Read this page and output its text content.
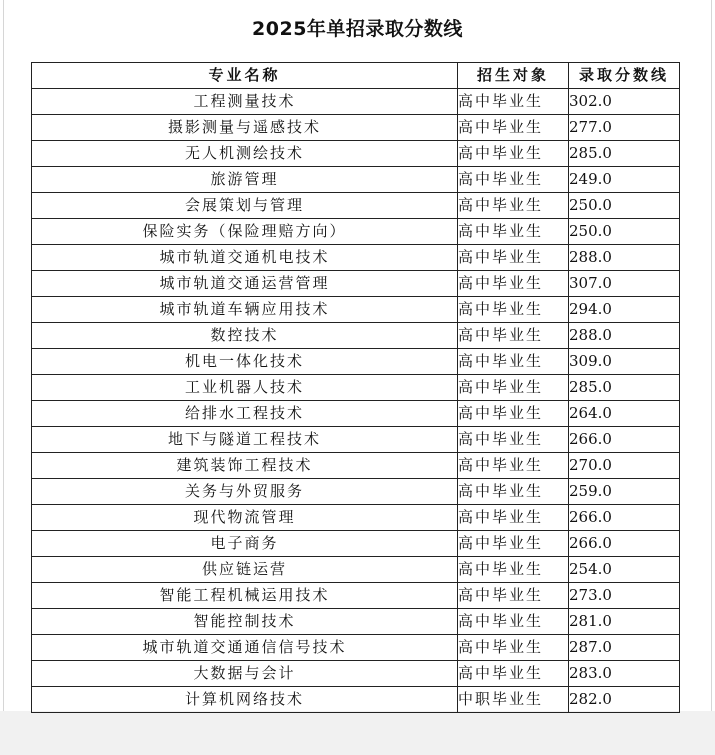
2025年单招录取分数线
专业名称	招生对象	录取分数线
工程测量技术	高中毕业生	302.0
摄影测量与遥感技术	高中毕业生	277.0
无人机测绘技术	高中毕业生	285.0
旅游管理	高中毕业生	249.0
会展策划与管理	高中毕业生	250.0
保险实务（保险理赔方向）	高中毕业生	250.0
城市轨道交通机电技术	高中毕业生	288.0
城市轨道交通运营管理	高中毕业生	307.0
城市轨道车辆应用技术	高中毕业生	294.0
数控技术	高中毕业生	288.0
机电一体化技术	高中毕业生	309.0
工业机器人技术	高中毕业生	285.0
给排水工程技术	高中毕业生	264.0
地下与隧道工程技术	高中毕业生	266.0
建筑装饰工程技术	高中毕业生	270.0
关务与外贸服务	高中毕业生	259.0
现代物流管理	高中毕业生	266.0
电子商务	高中毕业生	266.0
供应链运营	高中毕业生	254.0
智能工程机械运用技术	高中毕业生	273.0
智能控制技术	高中毕业生	281.0
城市轨道交通通信信号技术	高中毕业生	287.0
大数据与会计	高中毕业生	283.0
计算机网络技术	中职毕业生	282.0
